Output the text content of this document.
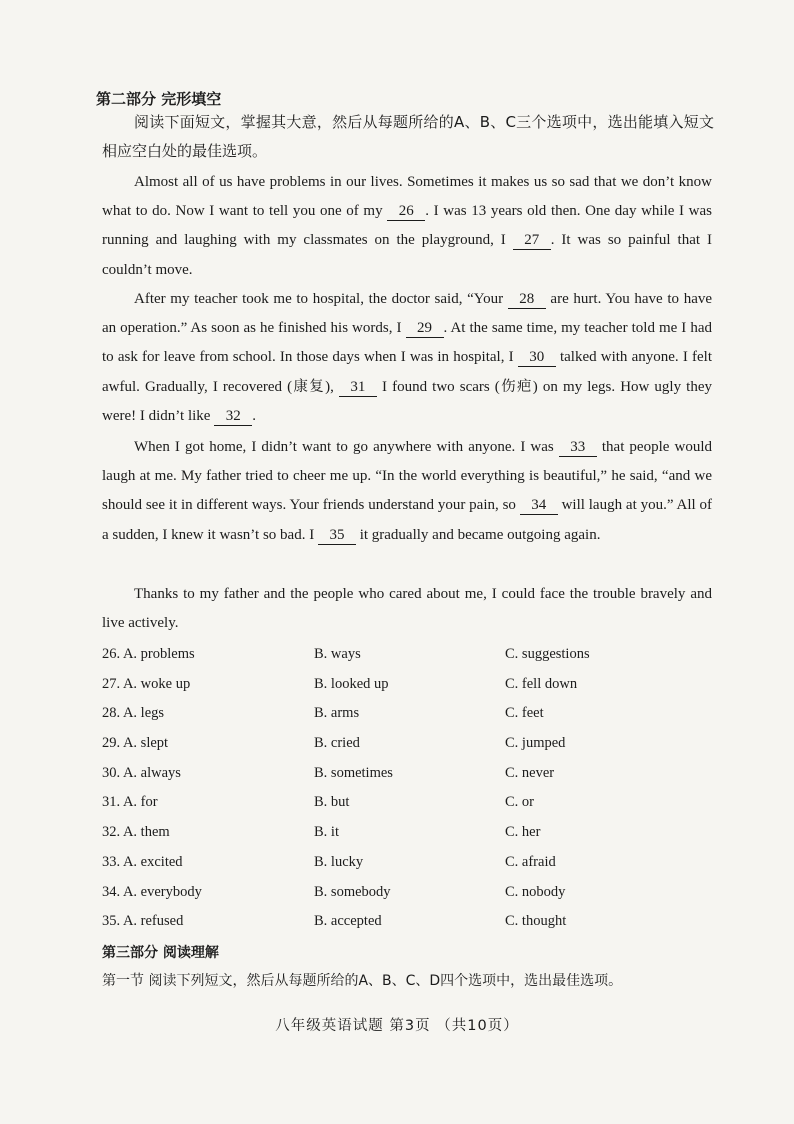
第二部分 完形填空
阅读下面短文，掌握其大意，然后从每题所给的A、B、C三个选项中，选出能填入短文相应空白处的最佳选项。
Almost all of us have problems in our lives. Sometimes it makes us so sad that we don’t know what to do. Now I want to tell you one of my 26 . I was 13 years old then. One day while I was running and laughing with my classmates on the playground, I 27 . It was so painful that I couldn’t move.
After my teacher took me to hospital, the doctor said, “Your 28 are hurt. You have to have an operation.” As soon as he finished his words, I 29 . At the same time, my teacher told me I had to ask for leave from school. In those days when I was in hospital, I 30 talked with anyone. I felt awful. Gradually, I recovered (康复), 31 I found two scars (伤疤) on my legs. How ugly they were! I didn’t like 32 .
When I got home, I didn’t want to go anywhere with anyone. I was 33 that people would laugh at me. My father tried to cheer me up. “In the world everything is beautiful,” he said, “and we should see it in different ways. Your friends understand your pain, so 34 will laugh at you.” All of a sudden, I knew it wasn’t so bad. I 35 it gradually and became outgoing again.
Thanks to my father and the people who cared about me, I could face the trouble bravely and live actively.
26. A. problems	B. ways	C. suggestions
27. A. woke up	B. looked up	C. fell down
28. A. legs	B. arms	C. feet
29. A. slept	B. cried	C. jumped
30. A. always	B. sometimes	C. never
31. A. for	B. but	C. or
32. A. them	B. it	C. her
33. A. excited	B. lucky	C. afraid
34. A. everybody	B. somebody	C. nobody
35. A. refused	B. accepted	C. thought
第三部分 阅读理解
第一节 阅读下列短文，然后从每题所给的A、B、C、D四个选项中，选出最佳选项。
八年级英语试题 第3页 （共10页）
